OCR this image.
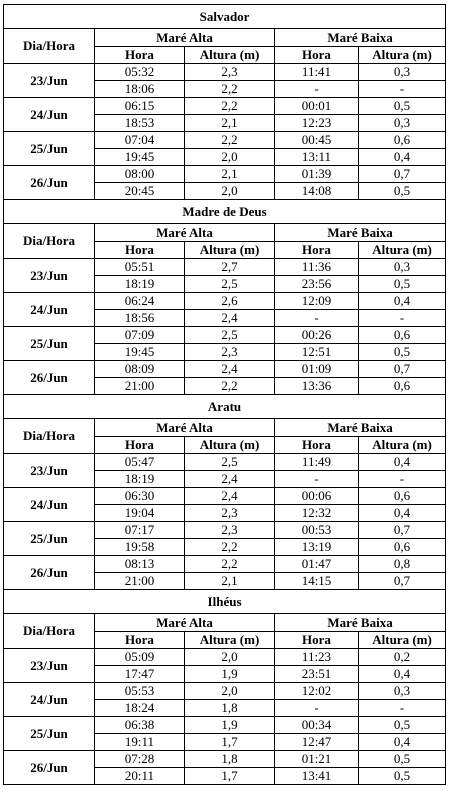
Salvador				
Dia/Hora	Maré Alta		Maré Baixa	
	Hora	Altura (m)	Hora	Altura (m)
23/Jun	05:32	2,3	11:41	0,3
	18:06	2,2	-	-
24/Jun	06:15	2,2	00:01	0,5
	18:53	2,1	12:23	0,3
25/Jun	07:04	2,2	00:45	0,6
	19:45	2,0	13:11	0,4
26/Jun	08:00	2,1	01:39	0,7
	20:45	2,0	14:08	0,5
Madre de Deus				
Dia/Hora	Maré Alta		Maré Baixa	
	Hora	Altura (m)	Hora	Altura (m)
23/Jun	05:51	2,7	11:36	0,3
	18:19	2,5	23:56	0,5
24/Jun	06:24	2,6	12:09	0,4
	18:56	2,4	-	-
25/Jun	07:09	2,5	00:26	0,6
	19:45	2,3	12:51	0,5
26/Jun	08:09	2,4	01:09	0,7
	21:00	2,2	13:36	0,6
Aratu				
Dia/Hora	Maré Alta		Maré Baixa	
	Hora	Altura (m)	Hora	Altura (m)
23/Jun	05:47	2,5	11:49	0,4
	18:19	2,4	-	-
24/Jun	06:30	2,4	00:06	0,6
	19:04	2,3	12:32	0,4
25/Jun	07:17	2,3	00:53	0,7
	19:58	2,2	13:19	0,6
26/Jun	08:13	2,2	01:47	0,8
	21:00	2,1	14:15	0,7
Ilhéus				
Dia/Hora	Maré Alta		Maré Baixa	
	Hora	Altura (m)	Hora	Altura (m)
23/Jun	05:09	2,0	11:23	0,2
	17:47	1,9	23:51	0,4
24/Jun	05:53	2,0	12:02	0,3
	18:24	1,8	-	-
25/Jun	06:38	1,9	00:34	0,5
	19:11	1,7	12:47	0,4
26/Jun	07:28	1,8	01:21	0,5
	20:11	1,7	13:41	0,5
